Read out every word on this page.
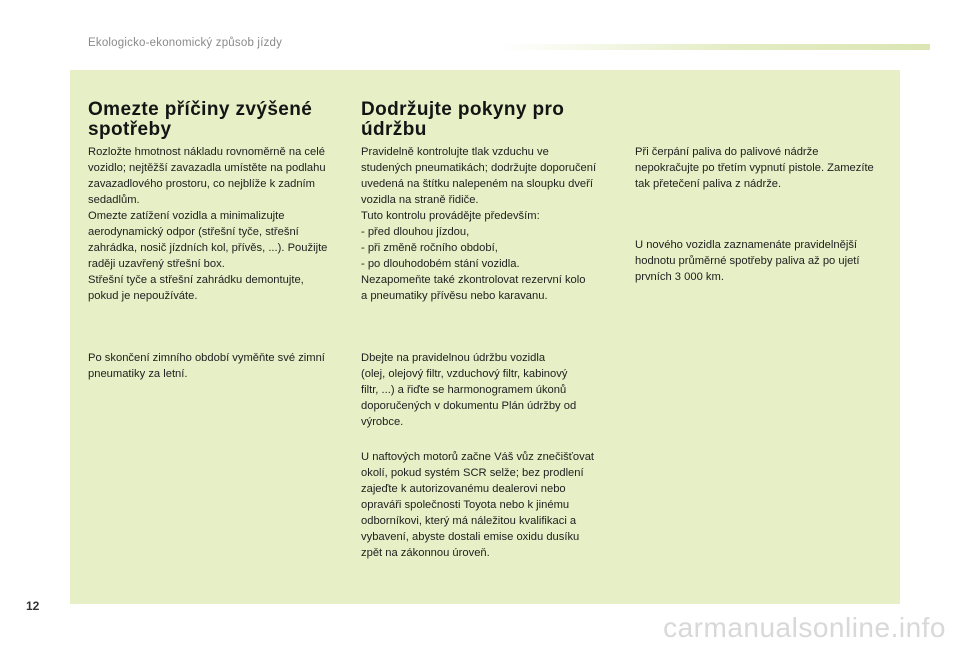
Ekologicko-ekonomický způsob jízdy
Omezte příčiny zvýšené
spotřeby

Rozložte hmotnost nákladu rovnoměrně na celé
vozidlo; nejtěžší zavazadla umístěte na podlahu
zavazadlového prostoru, co nejblíže k zadním
sedadlům.
Omezte zatížení vozidla a minimalizujte
aerodynamický odpor (střešní tyče, střešní
zahrádka, nosič jízdních kol, přívěs, ...). Použijte
raději uzavřený střešní box.
Střešní tyče a střešní zahrádku demontujte,
pokud je nepoužíváte.

Po skončení zimního období vyměňte své zimní
pneumatiky za letní.

Dodržujte pokyny pro
údržbu

Pravidelně kontrolujte tlak vzduchu ve
studených pneumatikách; dodržujte doporučení
uvedená na štítku nalepeném na sloupku dveří
vozidla na straně řidiče.
Tuto kontrolu provádějte především:
- před dlouhou jízdou,
- při změně ročního období,
- po dlouhodobém stání vozidla.
Nezapomeňte také zkontrolovat rezervní kolo
a pneumatiky přívěsu nebo karavanu.

Dbejte na pravidelnou údržbu vozidla
(olej, olejový filtr, vzduchový filtr, kabinový
filtr, ...) a řiďte se harmonogramem úkonů
doporučených v dokumentu Plán údržby od
výrobce.

U naftových motorů začne Váš vůz znečišťovat
okolí, pokud systém SCR selže; bez prodlení
zajeďte k autorizovanému dealerovi nebo
opraváři společnosti Toyota nebo k jinému
odborníkovi, který má náležitou kvalifikaci a
vybavení, abyste dostali emise oxidu dusíku
zpět na zákonnou úroveň.

Při čerpání paliva do palivové nádrže
nepokračujte po třetím vypnutí pistole. Zamezíte
tak přetečení paliva z nádrže.

U nového vozidla zaznamenáte pravidelnější
hodnotu průměrné spotřeby paliva až po ujetí
prvních 3 000 km.

12
carmanualsonline.info
